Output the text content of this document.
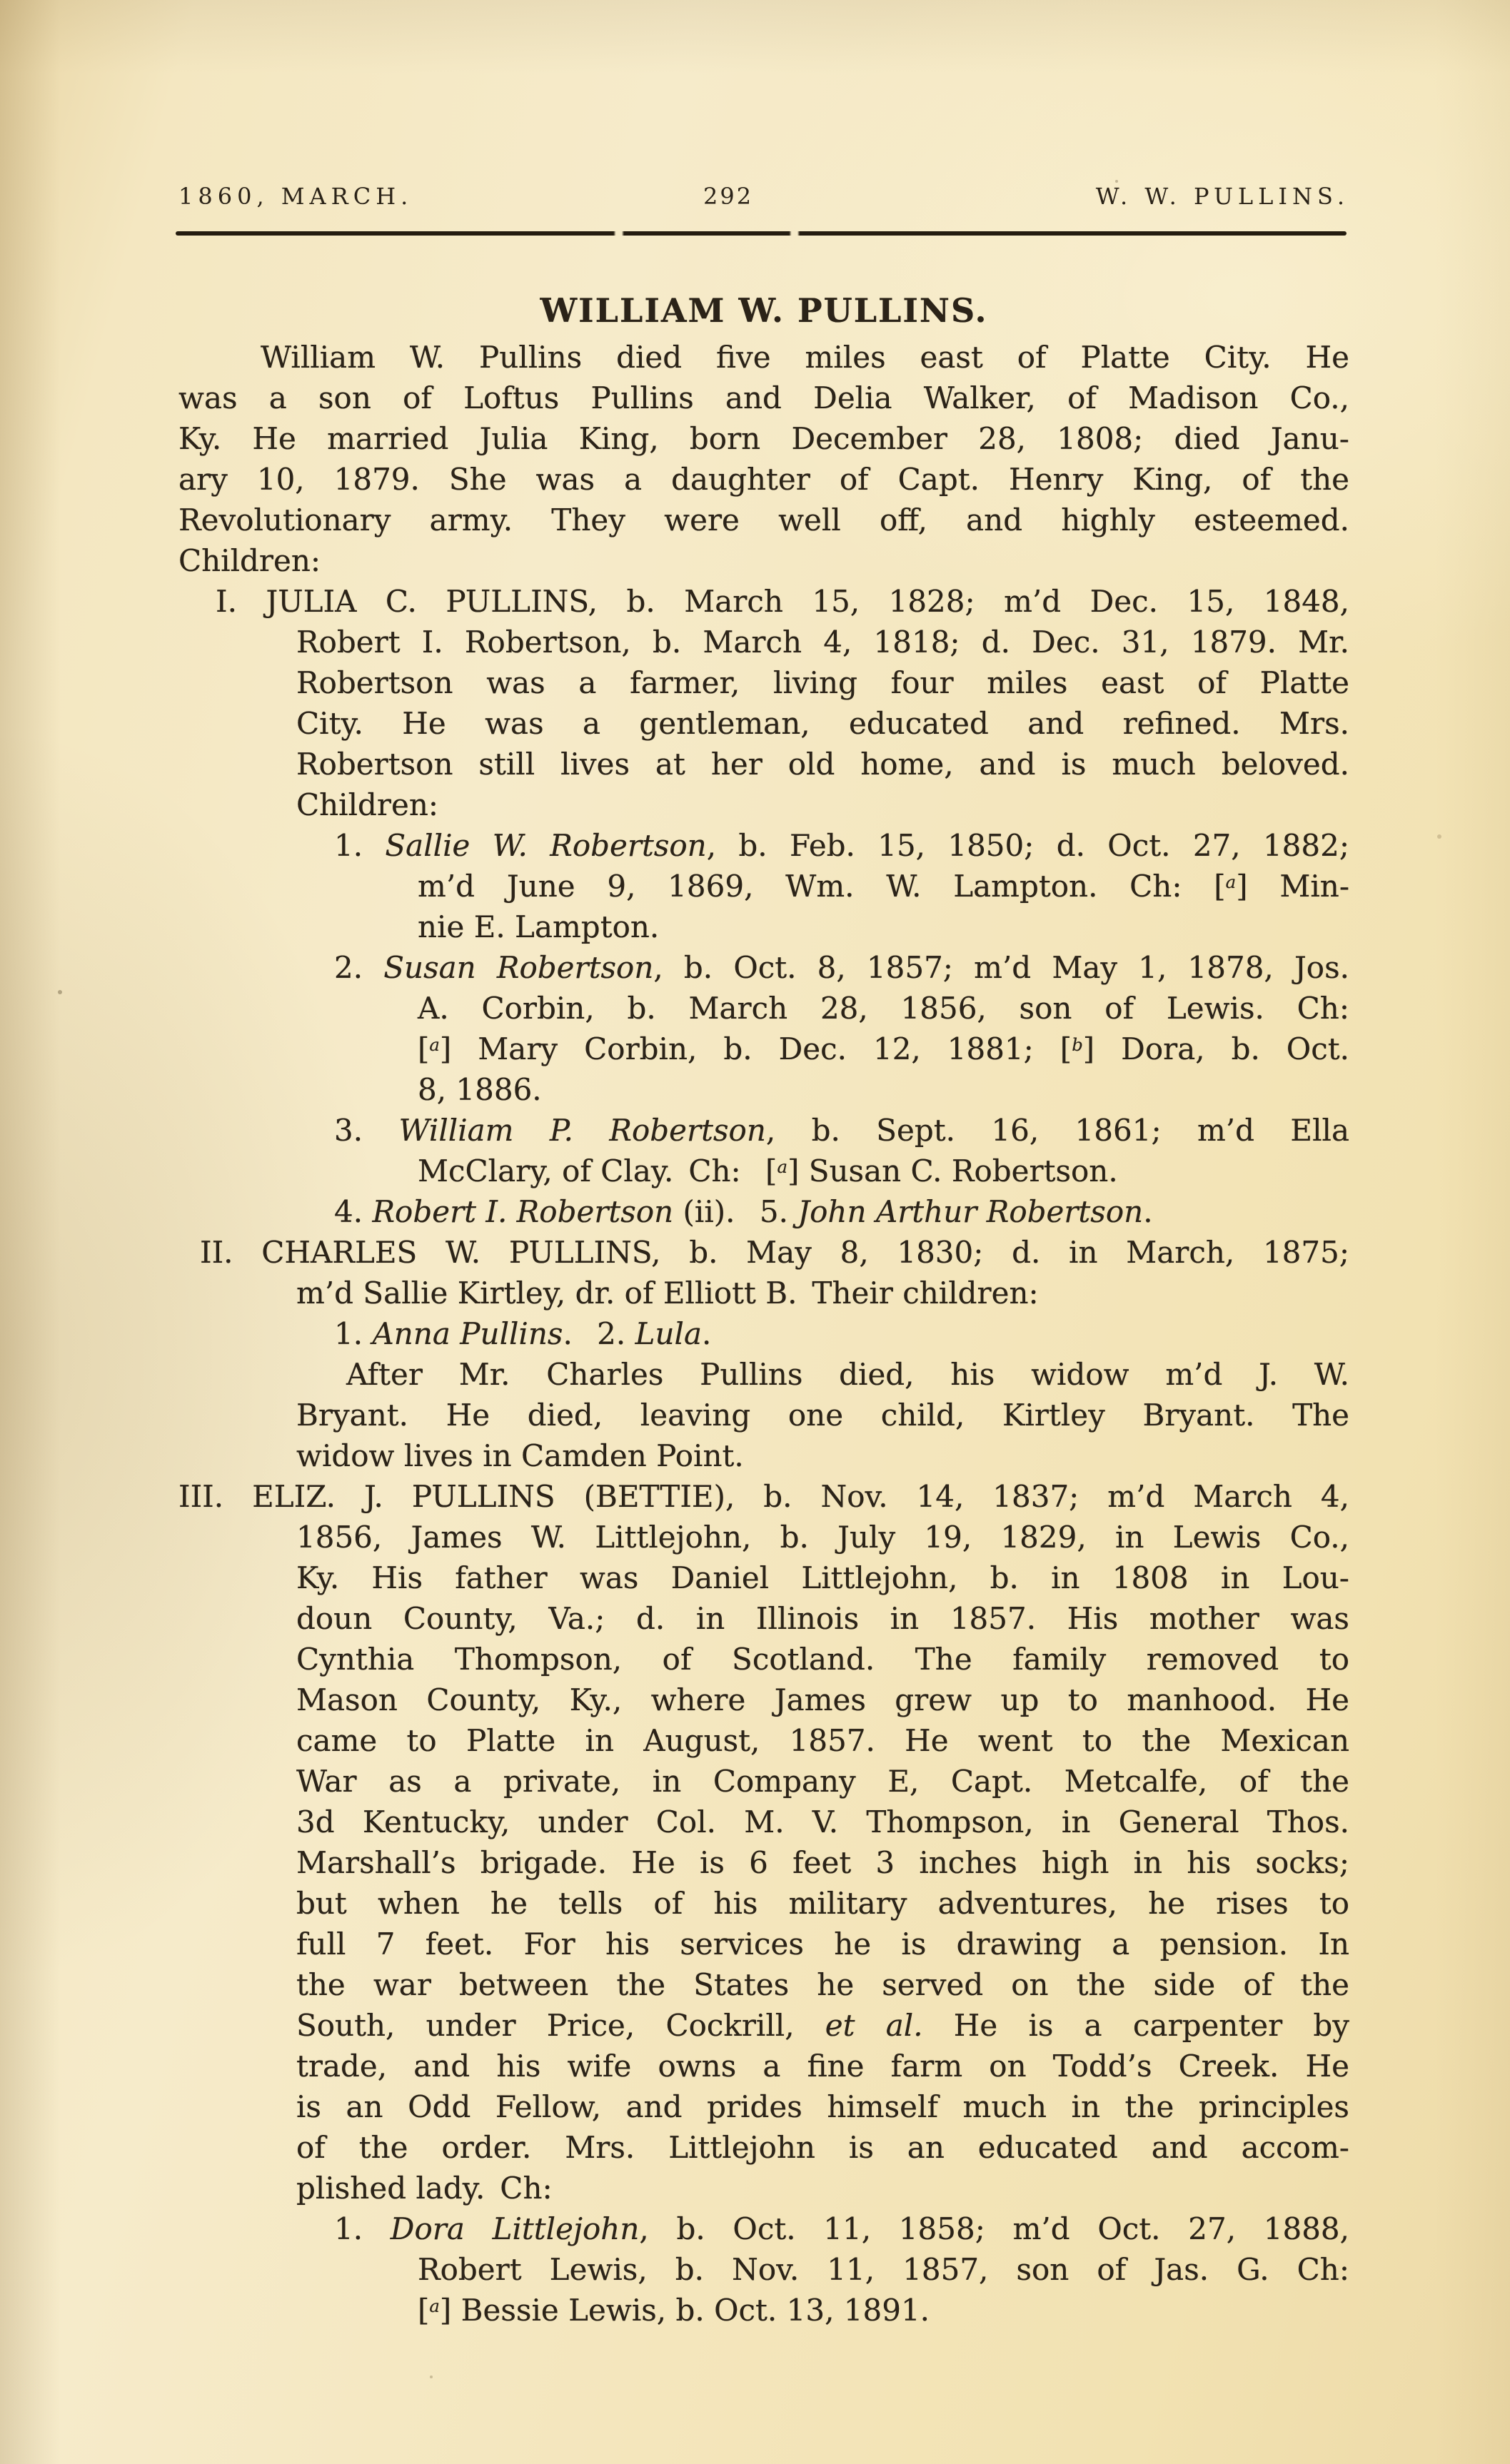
1860, MARCH.	292	W. W. PULLINS.
WILLIAM W. PULLINS.
William W. Pullins died five miles east of Platte City. He
was a son of Loftus Pullins and Delia Walker, of Madison Co.,
Ky. He married Julia King, born December 28, 1808; died Janu-
ary 10, 1879. She was a daughter of Capt. Henry King, of the
Revolutionary army. They were well off, and highly esteemed.
Children:
I. JULIA C. PULLINS, b. March 15, 1828; m’d Dec. 15, 1848,
Robert I. Robertson, b. March 4, 1818; d. Dec. 31, 1879. Mr.
Robertson was a farmer, living four miles east of Platte
City. He was a gentleman, educated and refined. Mrs.
Robertson still lives at her old home, and is much beloved.
Children:
1. Sallie W. Robertson, b. Feb. 15, 1850; d. Oct. 27, 1882;
m’d June 9, 1869, Wm. W. Lampton. Ch: [$^a$] Min-
nie E. Lampton.
2. Susan Robertson, b. Oct. 8, 1857; m’d May 1, 1878, Jos.
A. Corbin, b. March 28, 1856, son of Lewis. Ch:
[$^a$] Mary Corbin, b. Dec. 12, 1881; [$^b$] Dora, b. Oct.
8, 1886.
3. William P. Robertson, b. Sept. 16, 1861; m’d Ella
McClary, of Clay. Ch:  [$^a$] Susan C. Robertson.
4. Robert I. Robertson (ii).  5. John Arthur Robertson.
II. CHARLES W. PULLINS, b. May 8, 1830; d. in March, 1875;
m’d Sallie Kirtley, dr. of Elliott B. Their children:
1. Anna Pullins.  2. Lula.
After Mr. Charles Pullins died, his widow m’d J. W.
Bryant. He died, leaving one child, Kirtley Bryant. The
widow lives in Camden Point.
III. ELIZ. J. PULLINS (BETTIE), b. Nov. 14, 1837; m’d March 4,
1856, James W. Littlejohn, b. July 19, 1829, in Lewis Co.,
Ky. His father was Daniel Littlejohn, b. in 1808 in Lou-
doun County, Va.; d. in Illinois in 1857. His mother was
Cynthia Thompson, of Scotland. The family removed to
Mason County, Ky., where James grew up to manhood. He
came to Platte in August, 1857. He went to the Mexican
War as a private, in Company E, Capt. Metcalfe, of the
3d Kentucky, under Col. M. V. Thompson, in General Thos.
Marshall’s brigade. He is 6 feet 3 inches high in his socks;
but when he tells of his military adventures, he rises to
full 7 feet. For his services he is drawing a pension. In
the war between the States he served on the side of the
South, under Price, Cockrill, et al. He is a carpenter by
trade, and his wife owns a fine farm on Todd’s Creek. He
is an Odd Fellow, and prides himself much in the principles
of the order. Mrs. Littlejohn is an educated and accom-
plished lady. Ch:
1. Dora Littlejohn, b. Oct. 11, 1858; m’d Oct. 27, 1888,
Robert Lewis, b. Nov. 11, 1857, son of Jas. G. Ch:
[$^a$] Bessie Lewis, b. Oct. 13, 1891.
